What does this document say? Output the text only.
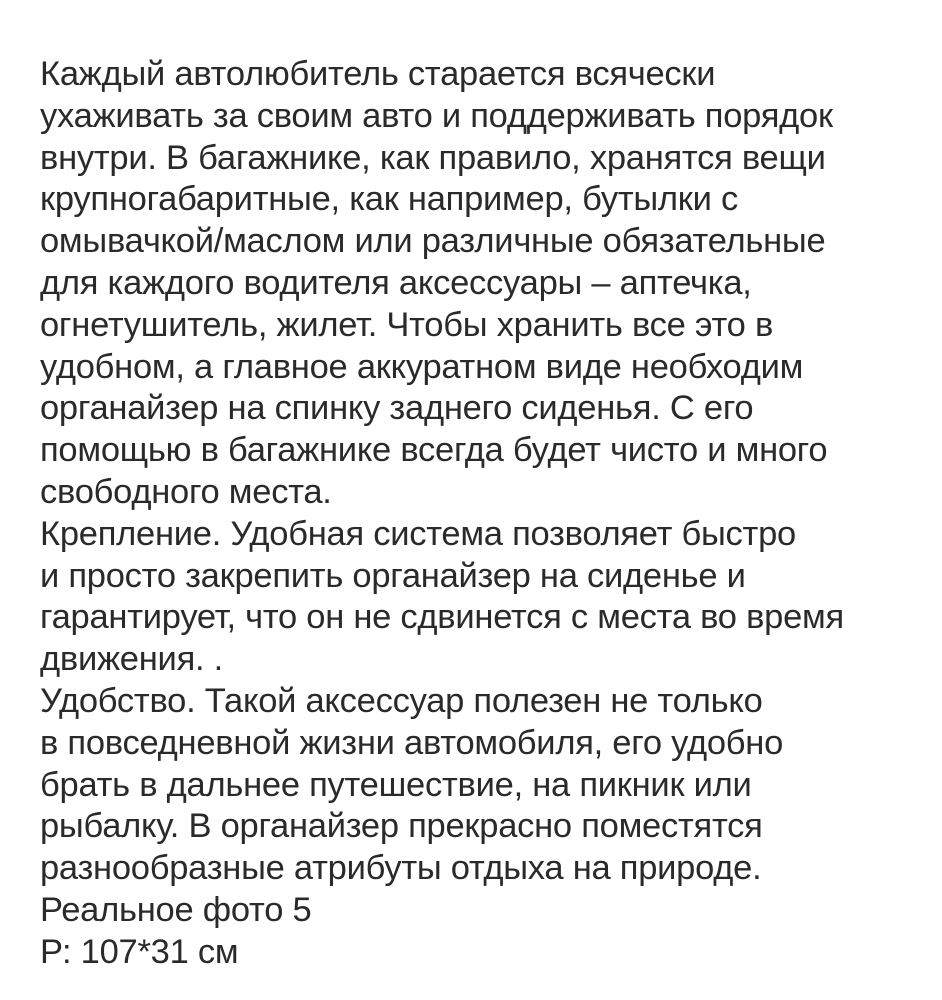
Каждый автолюбитель старается всячески
ухаживать за своим авто и поддерживать порядок
внутри. В багажнике, как правило, хранятся вещи
крупногабаритные, как например, бутылки с
омывачкой/маслом или различные обязательные
для каждого водителя аксессуары – аптечка,
огнетушитель, жилет. Чтобы хранить все это в
удобном, а главное аккуратном виде необходим
органайзер на спинку заднего сиденья. С его
помощью в багажнике всегда будет чисто и много
свободного места.
Крепление. Удобная система позволяет быстро
и просто закрепить органайзер на сиденье и
гарантирует, что он не сдвинется с места во время
движения. .
Удобство. Такой аксессуар полезен не только
в повседневной жизни автомобиля, его удобно
брать в дальнее путешествие, на пикник или
рыбалку. В органайзер прекрасно поместятся
разнообразные атрибуты отдыха на природе.
Реальное фото 5
Р: 107*31 см
